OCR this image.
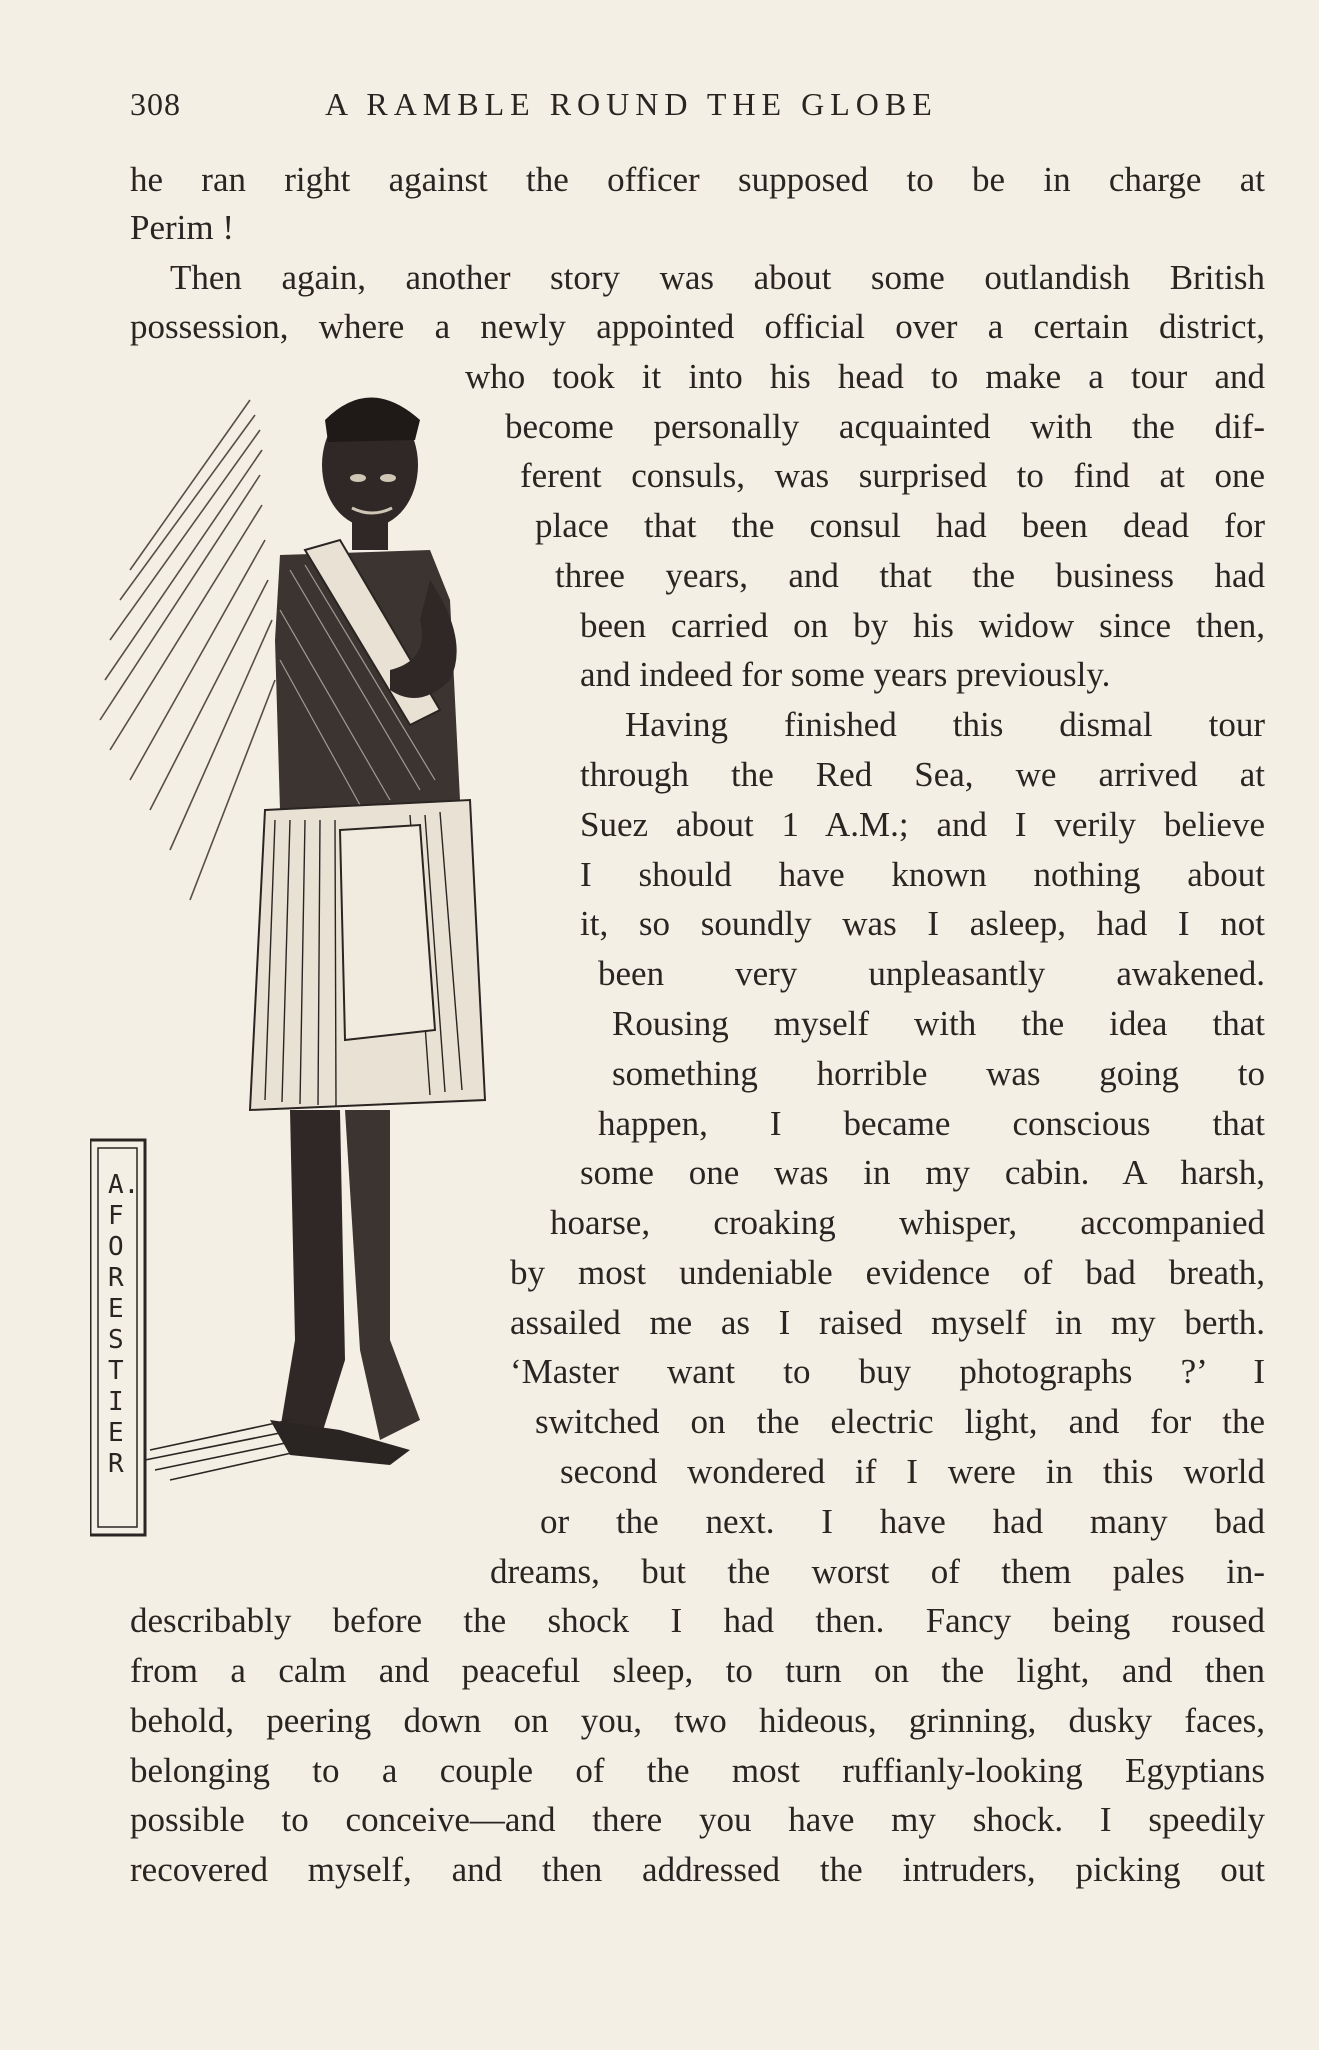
308	A RAMBLE ROUND THE GLOBE
A. FORESTIER
he ran right against the officer supposed to be in charge at
Perim !
Then again, another story was about some outlandish British
possession, where a newly appointed official over a certain district,
who took it into his head to make a tour and
become personally acquainted with the dif-
ferent consuls, was surprised to find at one
place that the consul had been dead for
three years, and that the business had
been carried on by his widow since then,
and indeed for some years previously.
Having finished this dismal tour
through the Red Sea, we arrived at
Suez about 1 A.M.; and I verily believe
I should have known nothing about
it, so soundly was I asleep, had I not
been very unpleasantly awakened.
Rousing myself with the idea that
something horrible was going to
happen, I became conscious that
some one was in my cabin. A harsh,
hoarse, croaking whisper, accompanied
by most undeniable evidence of bad breath,
assailed me as I raised myself in my berth.
‘Master want to buy photographs ?’ I
switched on the electric light, and for the
second wondered if I were in this world
or the next. I have had many bad
dreams, but the worst of them pales in-
describably before the shock I had then. Fancy being roused
from a calm and peaceful sleep, to turn on the light, and then
behold, peering down on you, two hideous, grinning, dusky faces,
belonging to a couple of the most ruffianly-looking Egyptians
possible to conceive—and there you have my shock. I speedily
recovered myself, and then addressed the intruders, picking out
